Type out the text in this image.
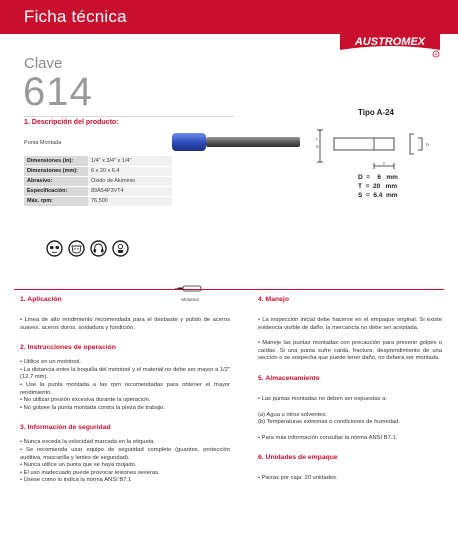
Ficha técnica
AUSTROMEX
R
Clave
614
1. Descripción del producto:
Punta Montada
Dimensiones (in):	1/4" x 3/4" x 1/4"
Dimensiones (mm):	6 x 20 x 6.4
Abrasivo:	Óxido de Aluminio
Especificación:	89A54P3VT4
Máx. rpm:	76,500
Tipo A-24
L
S	D
T
D  =    6   mm
T  =  20   mm
S  =  6.4  mm
Mototool
1. Aplicación
• Línea de alto rendimiento recomendada para el desbaste y pulido de aceros suaves, aceros duros, soldadura y fundición.
2. Instrucciones de operación
• Utilice en un mototool.
• La distancia entre la boquilla del mototool y el material no debe ser mayor a 1/2" (12.7 mm).
• Use la punta montada a las rpm recomendadas para obtener el mayor rendimiento.
• No utilizar presión excesiva durante la operación.
• No golpee la punta montada contra la pieza de trabajo.
3. Información de seguridad
• Nunca exceda la velocidad marcada en la etiqueta.
• Se recomienda usar equipo de seguridad completo (guantes, protección auditiva, mascarilla y lentes de seguridad).
• Nunca utilice un punta que se haya mojado.
• El uso inadecuado puede provocar lesiones severas.
• Úsese como lo indica la norma ANSI B7.1
4. Manejo
• La inspección inicial debe hacerse en el empaque original. Si existe evidencia visible de daño, la mercancía no debe ser aceptada.
• Maneje las puntas montadas con precaución para prevenir golpes o caídas. Si una punta sufre caída, fractura, desprendimiento de una sección o se sospecha que puede tener daño, no deberá ser montada.
5. Almacenamiento
• Las puntas montadas no deben ser expuestas a:
(a) Agua u otros solventes.
(b) Temperaturas extremas o condiciones de humedad.
• Para más información consultar la norma ANSI B7.1.
6. Unidades de empaque
• Piezas por caja: 20 unidades.
